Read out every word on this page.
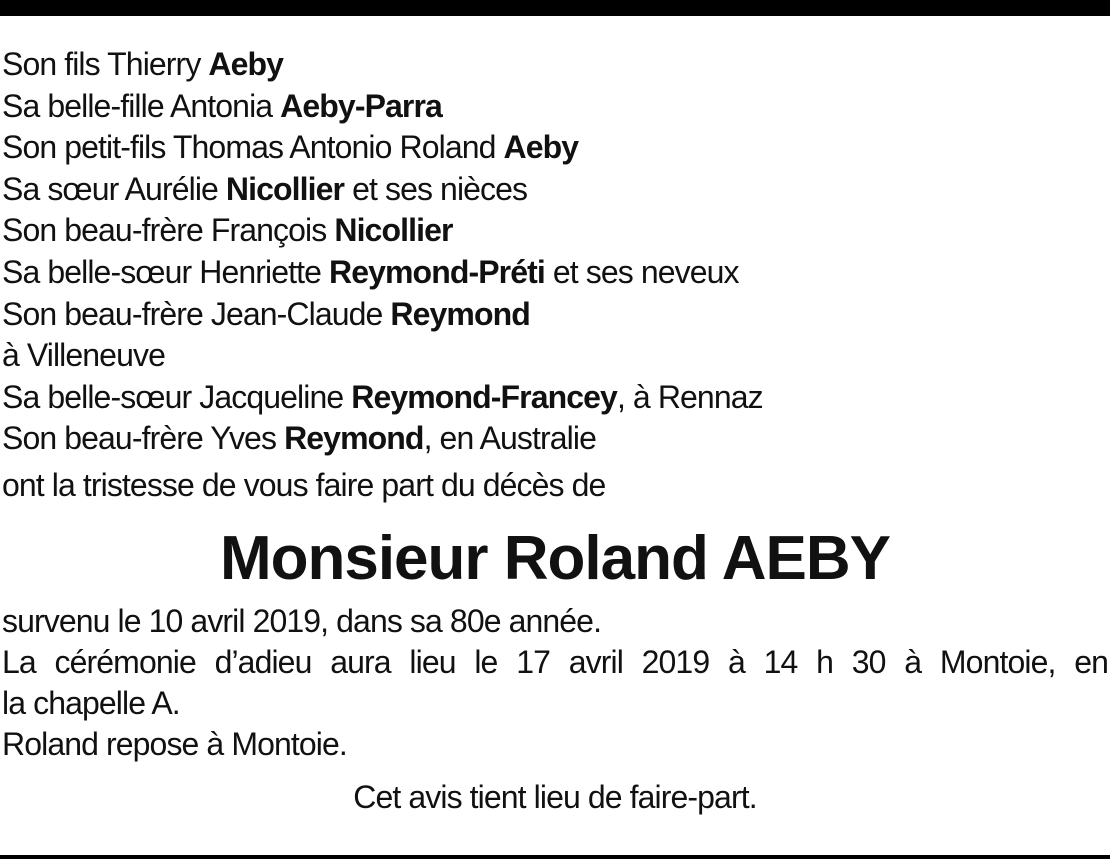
Son fils Thierry Aeby
Sa belle-fille Antonia Aeby-Parra
Son petit-fils Thomas Antonio Roland Aeby
Sa sœur Aurélie Nicollier et ses nièces
Son beau-frère François Nicollier
Sa belle-sœur Henriette Reymond-Préti et ses neveux
Son beau-frère Jean-Claude Reymond
à Villeneuve
Sa belle-sœur Jacqueline Reymond-Francey, à Rennaz
Son beau-frère Yves Reymond, en Australie
ont la tristesse de vous faire part du décès de
Monsieur Roland AEBY

survenu le 10 avril 2019, dans sa 80e année.

La cérémonie d’adieu aura lieu le 17 avril 2019 à 14 h 30 à Montoie, en

la chapelle A.

Roland repose à Montoie.

Cet avis tient lieu de faire-part.
